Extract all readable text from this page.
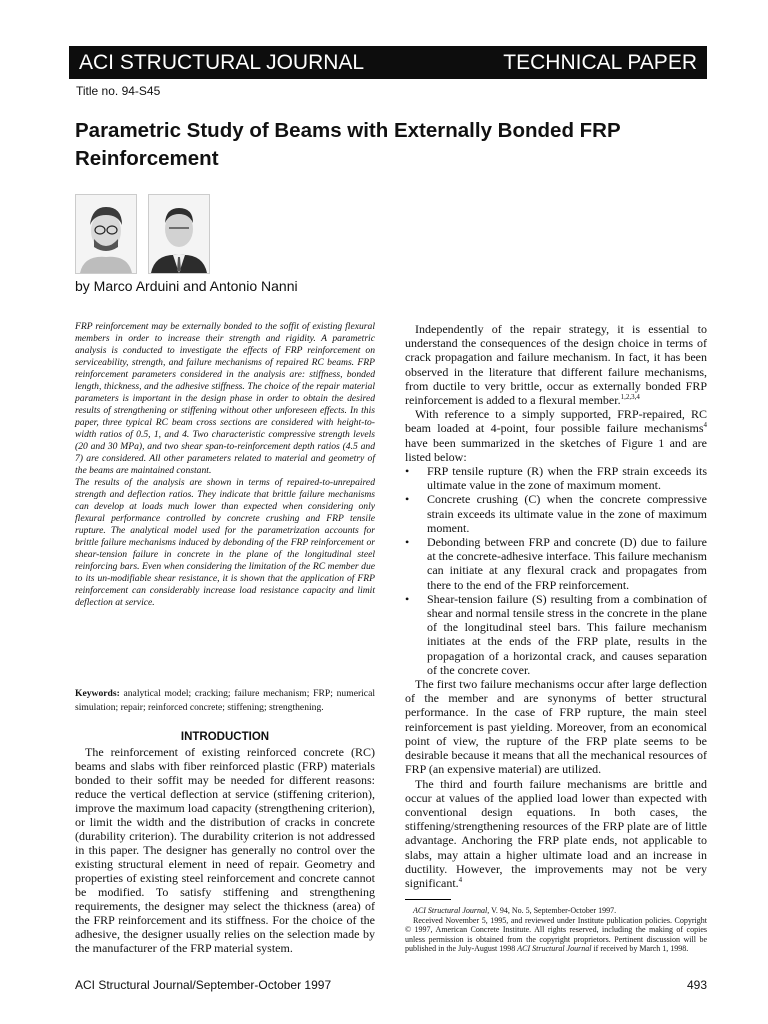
ACI STRUCTURAL JOURNAL	TECHNICAL PAPER
Title no. 94-S45
Parametric Study of Beams with Externally Bonded FRP Reinforcement
by Marco Arduini and Antonio Nanni

FRP reinforcement may be externally bonded to the soffit of existing flexural members in order to increase their strength and rigidity. A parametric analysis is conducted to investigate the effects of FRP reinforcement on serviceability, strength, and failure mechanisms of repaired RC beams. FRP reinforcement parameters considered in the analysis are: stiffness, bonded length, thickness, and the adhesive stiffness. The choice of the repair material parameters is important in the design phase in order to obtain the desired results of strengthening or stiffening without other unforeseen effects. In this paper, three typical RC beam cross sections are considered with height-to-width ratios of 0.5, 1, and 4. Two characteristic compressive strength levels (20 and 30 MPa), and two shear span-to-reinforcement depth ratios (4.5 and 7) are considered. All other parameters related to material and geometry of the beams are maintained constant.

The results of the analysis are shown in terms of repaired-to-unrepaired strength and deflection ratios. They indicate that brittle failure mechanisms can develop at loads much lower than expected when considering only flexural performance controlled by concrete crushing and FRP tensile rupture. The analytical model used for the parametrization accounts for brittle failure mechanisms induced by debonding of the FRP reinforcement or shear-tension failure in concrete in the plane of the longitudinal steel reinforcing bars. Even when considering the limitation of the RC member due to its un-modifiable shear resistance, it is shown that the application of FRP reinforcement can considerably increase load resistance capacity and limit deflection at service.

Keywords: analytical model; cracking; failure mechanism; FRP; numerical simulation; repair; reinforced concrete; stiffening; strengthening.
INTRODUCTION

The reinforcement of existing reinforced concrete (RC) beams and slabs with fiber reinforced plastic (FRP) materials bonded to their soffit may be needed for different reasons: reduce the vertical deflection at service (stiffening criterion), improve the maximum load capacity (strengthening criterion), or limit the width and the distribution of cracks in concrete (durability criterion). The durability criterion is not addressed in this paper. The designer has generally no control over the existing structural element in need of repair. Geometry and properties of existing steel reinforcement and concrete cannot be modified. To satisfy stiffening and strengthening requirements, the designer may select the thickness (area) of the FRP reinforcement and its stiffness. For the choice of the adhesive, the designer usually relies on the selection made by the manufacturer of the FRP material system.

Independently of the repair strategy, it is essential to understand the consequences of the design choice in terms of crack propagation and failure mechanism. In fact, it has been observed in the literature that different failure mechanisms, from ductile to very brittle, occur as externally bonded FRP reinforcement is added to a flexural member.$^{1,2,3,4}$

With reference to a simply supported, FRP-repaired, RC beam loaded at 4-point, four possible failure mechanisms$^4$ have been summarized in the sketches of Figure 1 and are listed below:

• FRP tensile rupture (R) when the FRP strain exceeds its ultimate value in the zone of maximum moment.
• Concrete crushing (C) when the concrete compressive strain exceeds its ultimate value in the zone of maximum moment.
• Debonding between FRP and concrete (D) due to failure at the concrete-adhesive interface. This failure mechanism can initiate at any flexural crack and propagates from there to the end of the FRP reinforcement.
• Shear-tension failure (S) resulting from a combination of shear and normal tensile stress in the concrete in the plane of the longitudinal steel bars. This failure mechanism initiates at the ends of the FRP plate, results in the propagation of a horizontal crack, and causes separation of the concrete cover.

The first two failure mechanisms occur after large deflection of the member and are synonyms of better structural performance. In the case of FRP rupture, the main steel reinforcement is past yielding. Moreover, from an economical point of view, the rupture of the FRP plate seems to be desirable because it means that all the mechanical resources of FRP (an expensive material) are utilized.

The third and fourth failure mechanisms are brittle and occur at values of the applied load lower than expected with conventional design equations. In both cases, the stiffening/strengthening resources of the FRP plate are of little advantage. Anchoring the FRP plate ends, not applicable to slabs, may attain a higher ultimate load and an increase in ductility. However, the improvements may not be very significant.$^4$

ACI Structural Journal, V. 94, No. 5, September-October 1997.

Received November 5, 1995, and reviewed under Institute publication policies. Copyright © 1997, American Concrete Institute. All rights reserved, including the making of copies unless permission is obtained from the copyright proprietors. Pertinent discussion will be published in the July-August 1998 ACI Structural Journal if received by March 1, 1998.

ACI Structural Journal/September-October 1997	493
